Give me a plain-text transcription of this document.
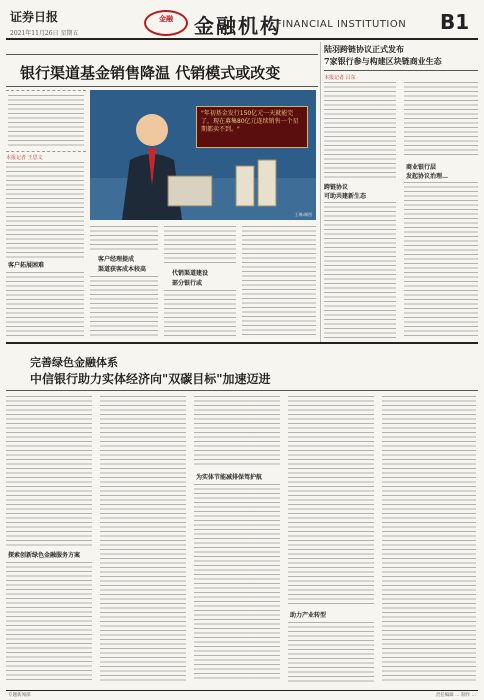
证券日报
2021年11月26日 星期五
金融	金融机构
FINANCIAL INSTITUTION B1
银行渠道基金销售降温 代销模式或改变
本报记者 王思文
客户拓展困难
"年初基金发行150亿元一天就能完了，现在募集80亿元连续销售一个星期都卖不到。"
王琳/制图
客户经理提成
渠道获客成本较高
代销渠道建设
部分银行或
陆羽跨链协议正式发布
7家银行参与构建区块链商业生态
本报记者 吕东
跨链协议
可助共建新生态
商业银行层
发起协议治理…
完善绿色金融体系
中信银行助力实体经济向"双碳目标"加速迈进
探索创新绿色金融服务方案
为实体节能减排保驾护航
助力产业转型
专题新闻部	责任编辑 … 制作 …
